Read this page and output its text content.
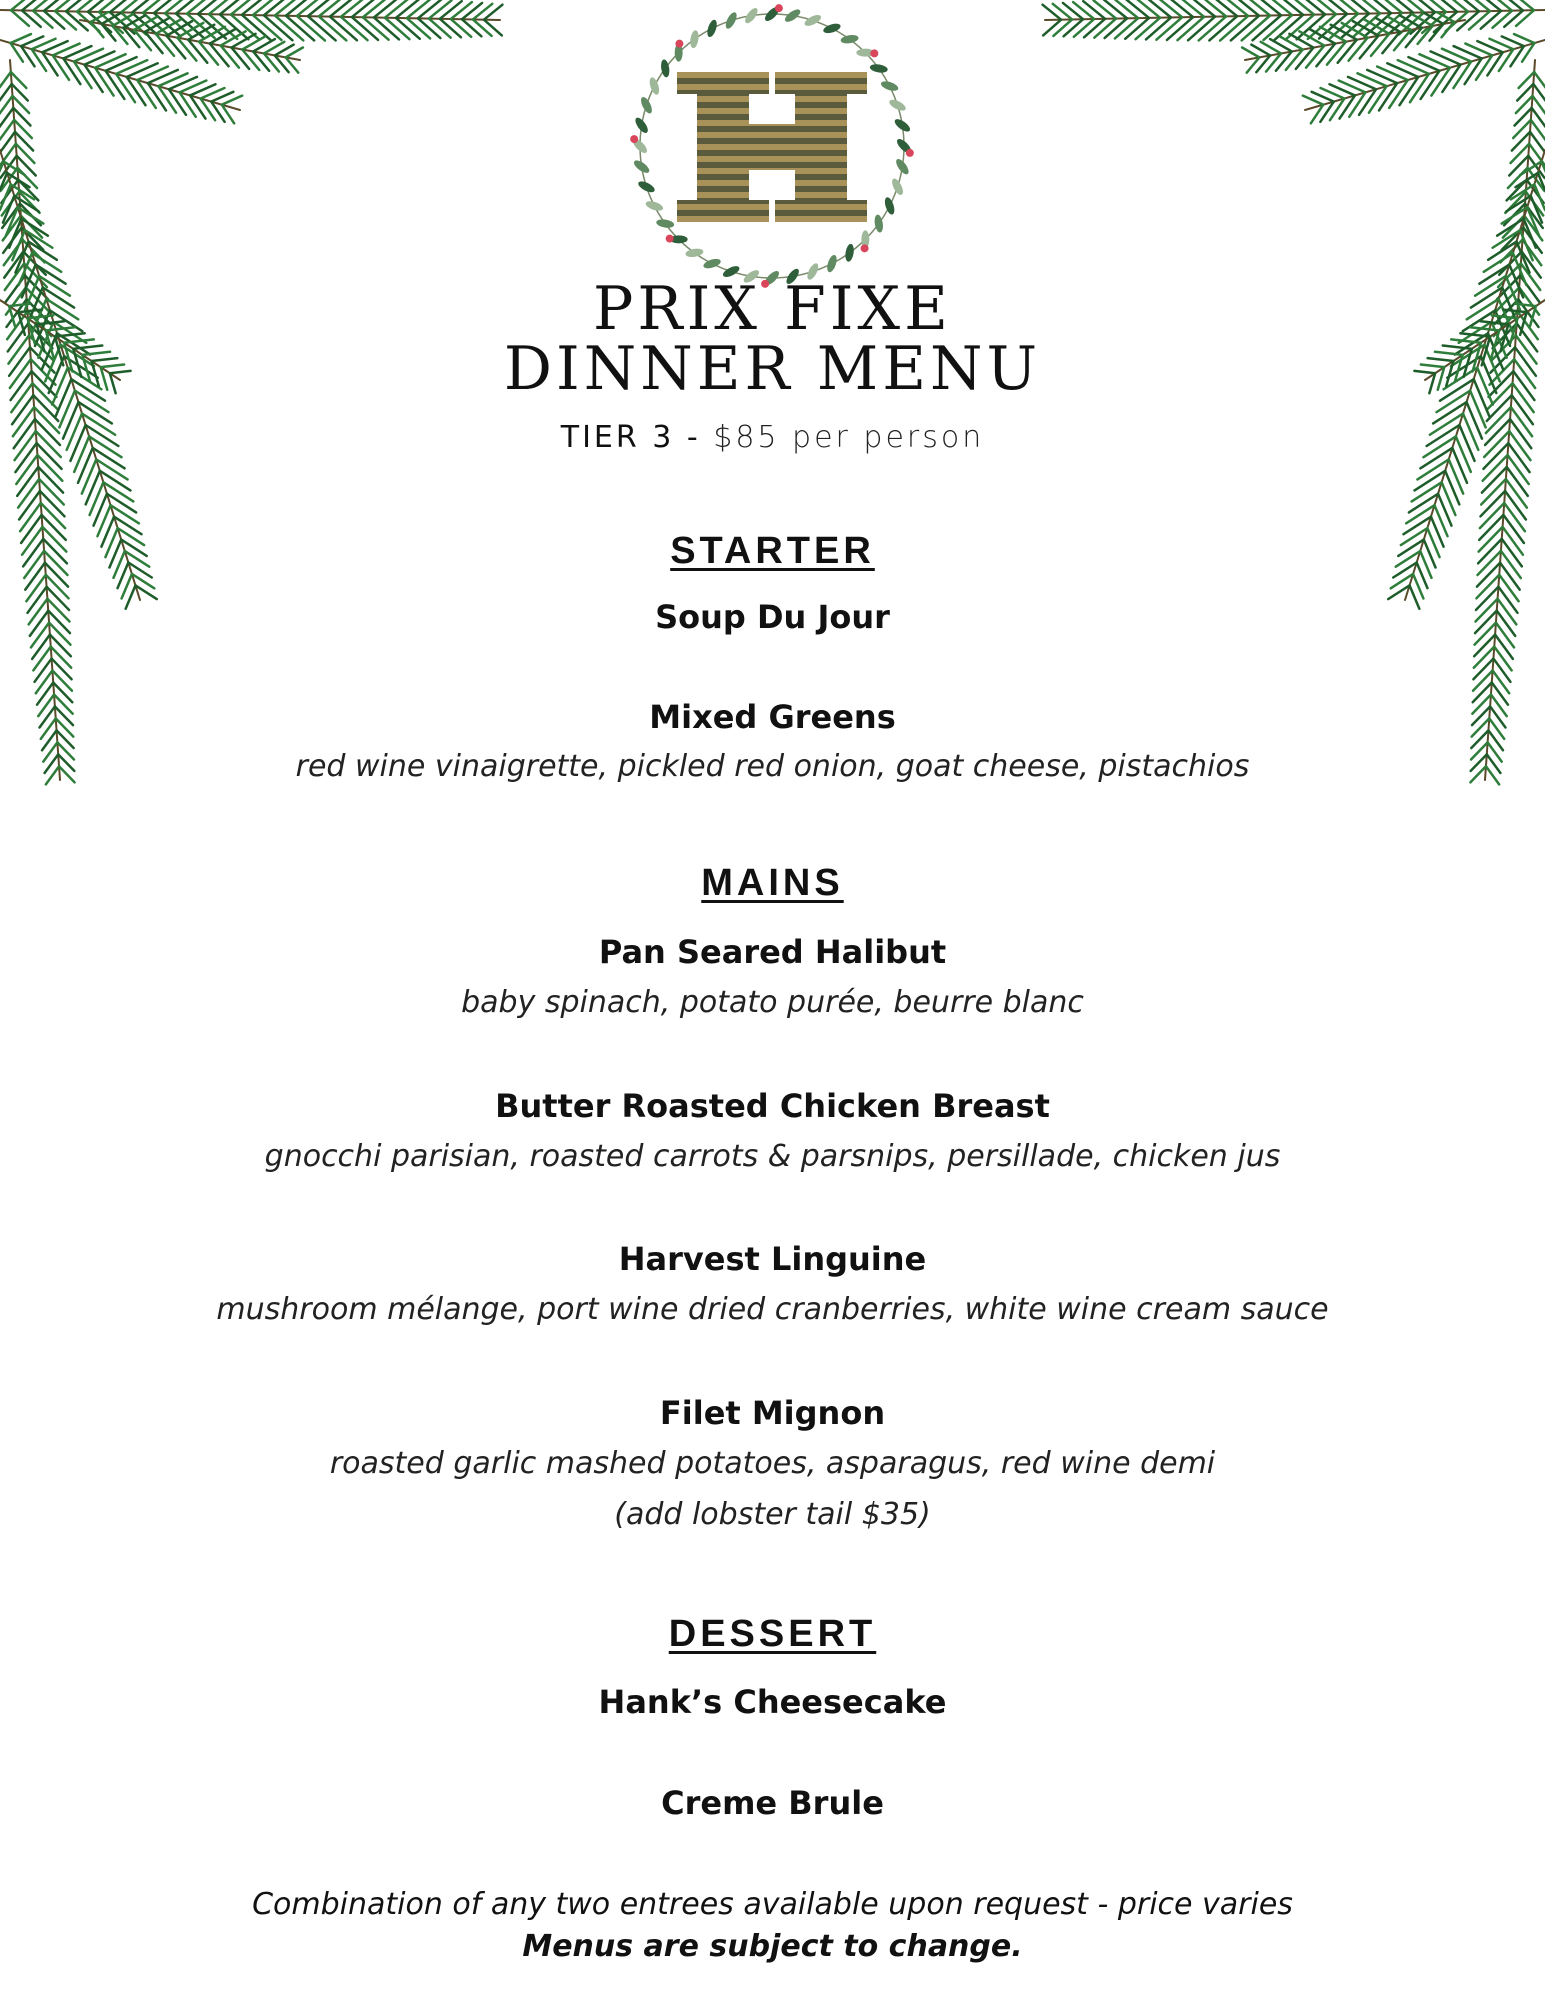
PRIX FIXE
DINNER MENU
TIER 3 - $85 per person
STARTER
Soup Du Jour
Mixed Greens
red wine vinaigrette, pickled red onion, goat cheese, pistachios
MAINS
Pan Seared Halibut
baby spinach, potato purée, beurre blanc
Butter Roasted Chicken Breast
gnocchi parisian, roasted carrots & parsnips, persillade, chicken jus
Harvest Linguine
mushroom mélange, port wine dried cranberries, white wine cream sauce
Filet Mignon
roasted garlic mashed potatoes, asparagus, red wine demi
(add lobster tail $35)
DESSERT
Hank’s Cheesecake
Creme Brule
Combination of any two entrees available upon request - price varies
Menus are subject to change.
